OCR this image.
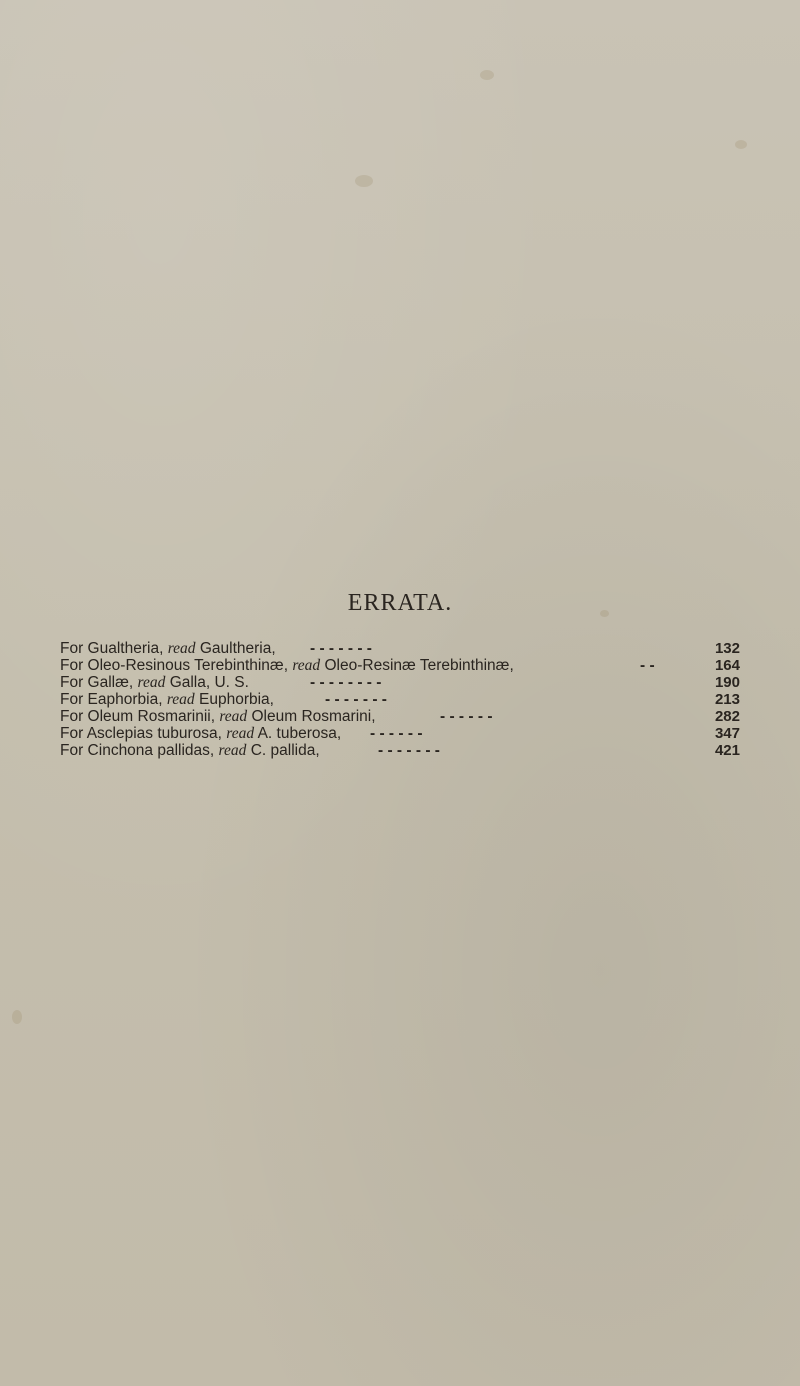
ERRATA.
For Gualtheria, read Gaultheria, - - - - - - -	132
For Oleo-Resinous Terebinthinæ, read Oleo-Resinæ Terebinthinæ,	- -	164
For Gallæ, read Galla, U. S.	- - - - - - - -	190
For Eaphorbia, read Euphorbia,	- - - - - - -	213
For Oleum Rosmarinii, read Oleum Rosmarini,	- - - - - -	282
For Asclepias tuburosa, read A. tuberosa, - - - - - -	347
For Cinchona pallidas, read C. pallida,	- - - - - - -	421
